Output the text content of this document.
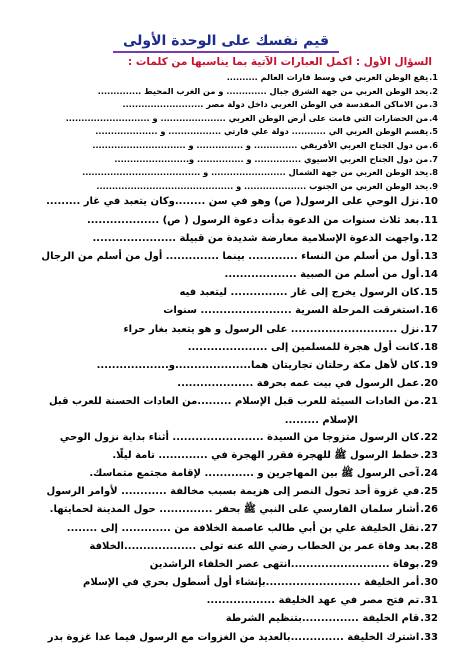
قيم نفسك على الوحدة الأولى
السؤال الأول : أكمل العبارات الآتية بما يناسبها من كلمات :
1.
يقع الوطن العربي في وسط قارات العالم ..........
2.
يحد الوطن العربي من جهة الشرق جبال ............. و من الغرب المحيط ..............
3.
من الاماكن المقدسة في الوطن العربي داخل دولة مصر ..........................
4.
من الحضارات التي قامت على أرض الوطن العربي ..................... و ...........................
5.
يقسم الوطن العربي الي ........... دولة علي قارتي ................. و ....................
6.
من دول الجناح العربي الأفريقي .............. و ............... و ..............................
7.
من دول الجناح العربي الاسيوي ............... و ............... و........................
8.
يحد الوطن العربي من جهة الشمال ........................ و ......................................
9.
يحد الوطن العربي من الجنوب .................... و ............................................
10.
نزل الوحي على الرسول( ص) وهو في سن ........وكان يتعبد في غار .........
11.
بعد ثلاث سنوات من الدعوة بدأت دعوة الرسول ( ص) ...................
12.
واجهت الدعوة الإسلامية معارضة شديدة من قبيلة ......................
13.
أول من أسلم من النساء ............. بينما .............. أول من أسلم من الرجال
14.
أول من أسلم من الصبية ...................
15.
كان الرسول يخرج إلى غار ............... ليتعبد فيه
16.
استغرقت المرحلة السرية ........................ سنوات
17.
نزل ............................ على الرسول و هو يتعبد بغار حراء
18.
كانت أول هجرة للمسلمين إلى .....................
19.
كان لأهل مكة رحلتان تجاريتان هما....................و...................
20.
عمل الرسول في بيت عمه بحرفة ....................
21.
من العادات السيئة للعرب قبل الإسلام .........من العادات الحسنة للعرب قبل
الإسلام .........
22.
كان الرسول متزوجا من السيدة ........................ أثناء بداية نزول الوحي
23.
خطط الرسول ﷺ للهجرة فقرر الهجرة في ............. تامة ليلًا.
24.
آخى الرسول ﷺ بين المهاجرين و ............. لإقامة مجتمع متماسك.
25.
في غزوة أحد تحول النصر إلى هزيمة بسبب مخالفة ............ لأوامر الرسول
26.
أشار سلمان الفارسي على النبي ﷺ بحفر .............. حول المدينة لحمايتها.
27.
نقل الخليفة علي بن أبي طالب عاصمة الخلافة من ............. إلى ........
28.
بعد وفاة عمر بن الخطاب رضي الله عنه تولى ...................الخلافة
29.
بوفاة ..........................انتهى عصر الخلفاء الراشدين
30.
أمر الخليفة .........................بإنشاء أول أسطول بحري في الإسلام
31.
تم فتح مصر في عهد الخليفة ..................
32.
قام الخليفة ...............بتنظيم الشرطة
33.
اشترك الخليفة ..............بالعديد من الغزوات مع الرسول فيما عدا غزوة بدر
